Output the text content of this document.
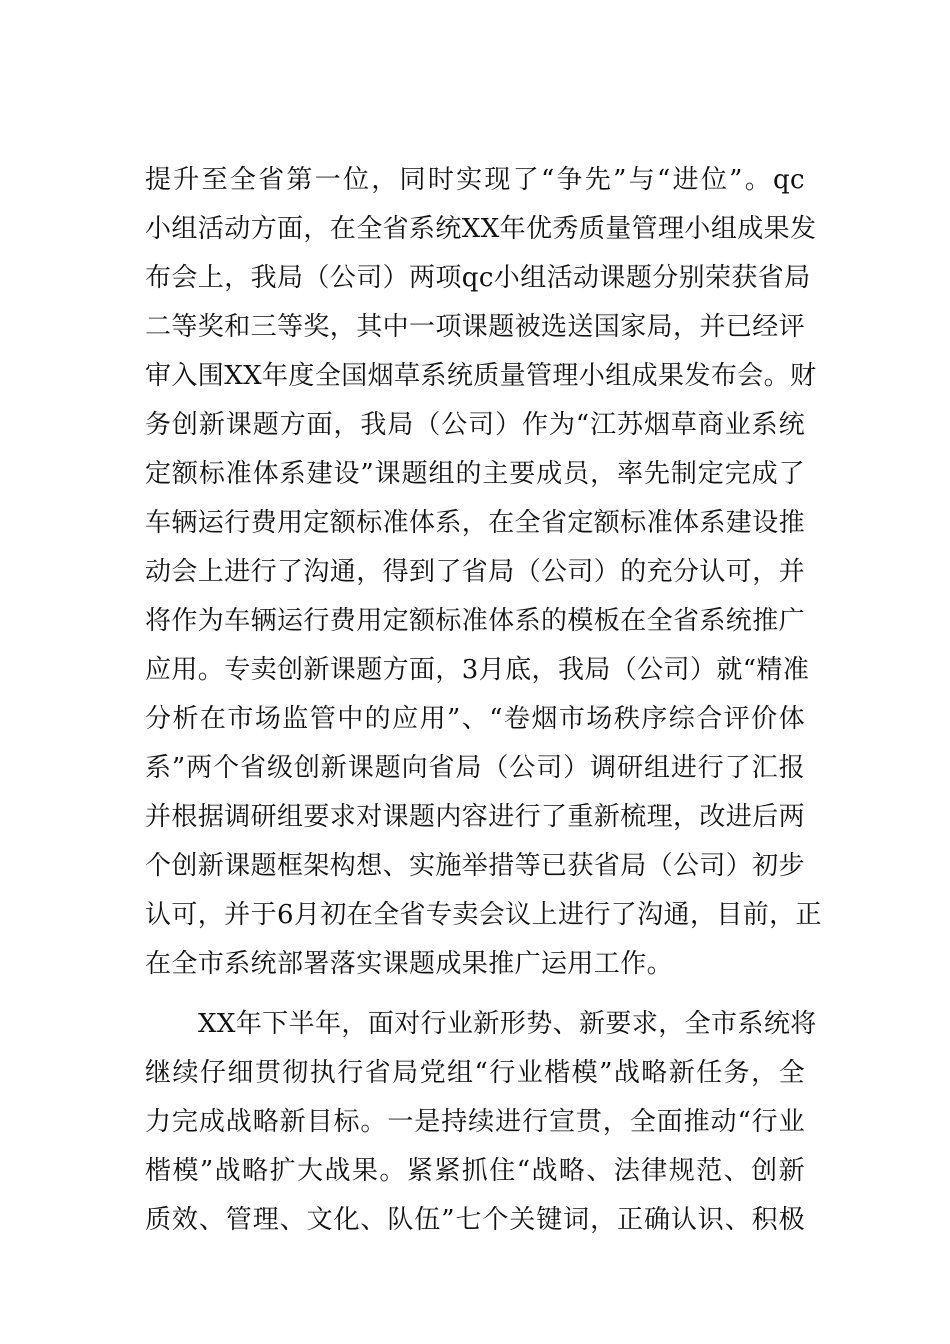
提升至全省第一位，同时实现了“争先”与“进位”。qc
小组活动方面，在全省系统XX年优秀质量管理小组成果发
布会上，我局（公司）两项qc小组活动课题分别荣获省局
二等奖和三等奖，其中一项课题被选送国家局，并已经评
审入围XX年度全国烟草系统质量管理小组成果发布会。财
务创新课题方面，我局（公司）作为“江苏烟草商业系统
定额标准体系建设”课题组的主要成员，率先制定完成了
车辆运行费用定额标准体系，在全省定额标准体系建设推
动会上进行了沟通，得到了省局（公司）的充分认可，并
将作为车辆运行费用定额标准体系的模板在全省系统推广
应用。专卖创新课题方面，3月底，我局（公司）就“精准
分析在市场监管中的应用”、“卷烟市场秩序综合评价体
系”两个省级创新课题向省局（公司）调研组进行了汇报
并根据调研组要求对课题内容进行了重新梳理，改进后两
个创新课题框架构想、实施举措等已获省局（公司）初步
认可，并于6月初在全省专卖会议上进行了沟通，目前，正
在全市系统部署落实课题成果推广运用工作。
XX年下半年，面对行业新形势、新要求，全市系统将
继续仔细贯彻执行省局党组“行业楷模”战略新任务，全
力完成战略新目标。一是持续进行宣贯，全面推动“行业
楷模”战略扩大战果。紧紧抓住“战略、法律规范、创新
质效、管理、文化、队伍”七个关键词，正确认识、积极
